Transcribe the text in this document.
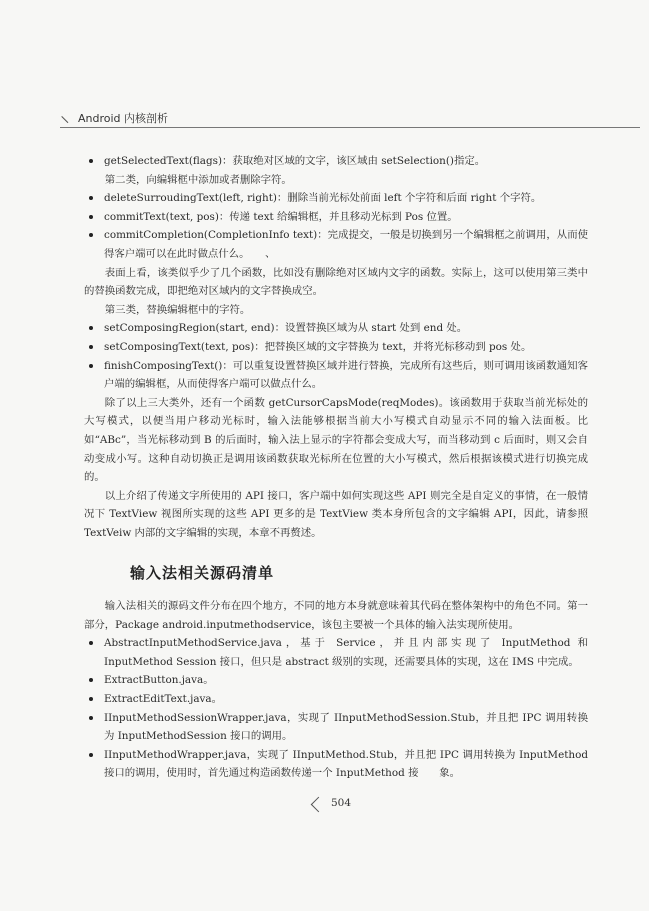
Android 内核剖析
getSelectedText(flags)：获取绝对区域的文字，该区域由 setSelection()指定。

第二类，向编辑框中添加或者删除字符。

deleteSurroudingText(left, right)：删除当前光标处前面 left 个字符和后面 right 个字符。
commitText(text, pos)：传递 text 给编辑框，并且移动光标到 Pos 位置。
commitCompletion(CompletionInfo text)：完成提交，一般是切换到另一个编辑框之前调用，从而使得客户端可以在此时做点什么。　　、

表面上看，该类似乎少了几个函数，比如没有删除绝对区域内文字的函数。实际上，这可以使用第三类中的替换函数完成，即把绝对区域内的文字替换成空。

第三类，替换编辑框中的字符。

setComposingRegion(start, end)：设置替换区域为从 start 处到 end 处。
setComposingText(text, pos)：把替换区域的文字替换为 text，并将光标移动到 pos 处。
finishComposingText()：可以重复设置替换区域并进行替换，完成所有这些后，则可调用该函数通知客户端的编辑框，从而使得客户端可以做点什么。

除了以上三大类外，还有一个函数 getCursorCapsMode(reqModes)。该函数用于获取当前光标处的大写模式，以便当用户移动光标时，输入法能够根据当前大小写模式自动显示不同的输入法面板。比如“ABc”，当光标移动到 B 的后面时，输入法上显示的字符都会变成大写，而当移动到 c 后面时，则又会自动变成小写。这种自动切换正是调用该函数获取光标所在位置的大小写模式，然后根据该模式进行切换完成的。

以上介绍了传递文字所使用的 API 接口，客户端中如何实现这些 API 则完全是自定义的事情，在一般情况下 TextView 视图所实现的这些 API 更多的是 TextView 类本身所包含的文字编辑 API，因此，请参照 TextVeiw 内部的文字编辑的实现，本章不再赘述。

输入法相关源码清单

输入法相关的源码文件分布在四个地方，不同的地方本身就意味着其代码在整体架构中的角色不同。第一部分，Package android.inputmethodservice，该包主要被一个具体的输入法实现所使用。

AbstractInputMethodService.java，基于 Service，并且内部实现了 InputMethod 和 InputMethod Session 接口，但只是 abstract 级别的实现，还需要具体的实现，这在 IMS 中完成。
ExtractButton.java。
ExtractEditText.java。
IInputMethodSessionWrapper.java，实现了 IInputMethodSession.Stub，并且把 IPC 调用转换为 InputMethodSession 接口的调用。
IInputMethodWrapper.java，实现了 IInputMethod.Stub，并且把 IPC 调用转换为 InputMethod 接口的调用，使用时，首先通过构造函数传递一个 InputMethod 接　　象。
504
